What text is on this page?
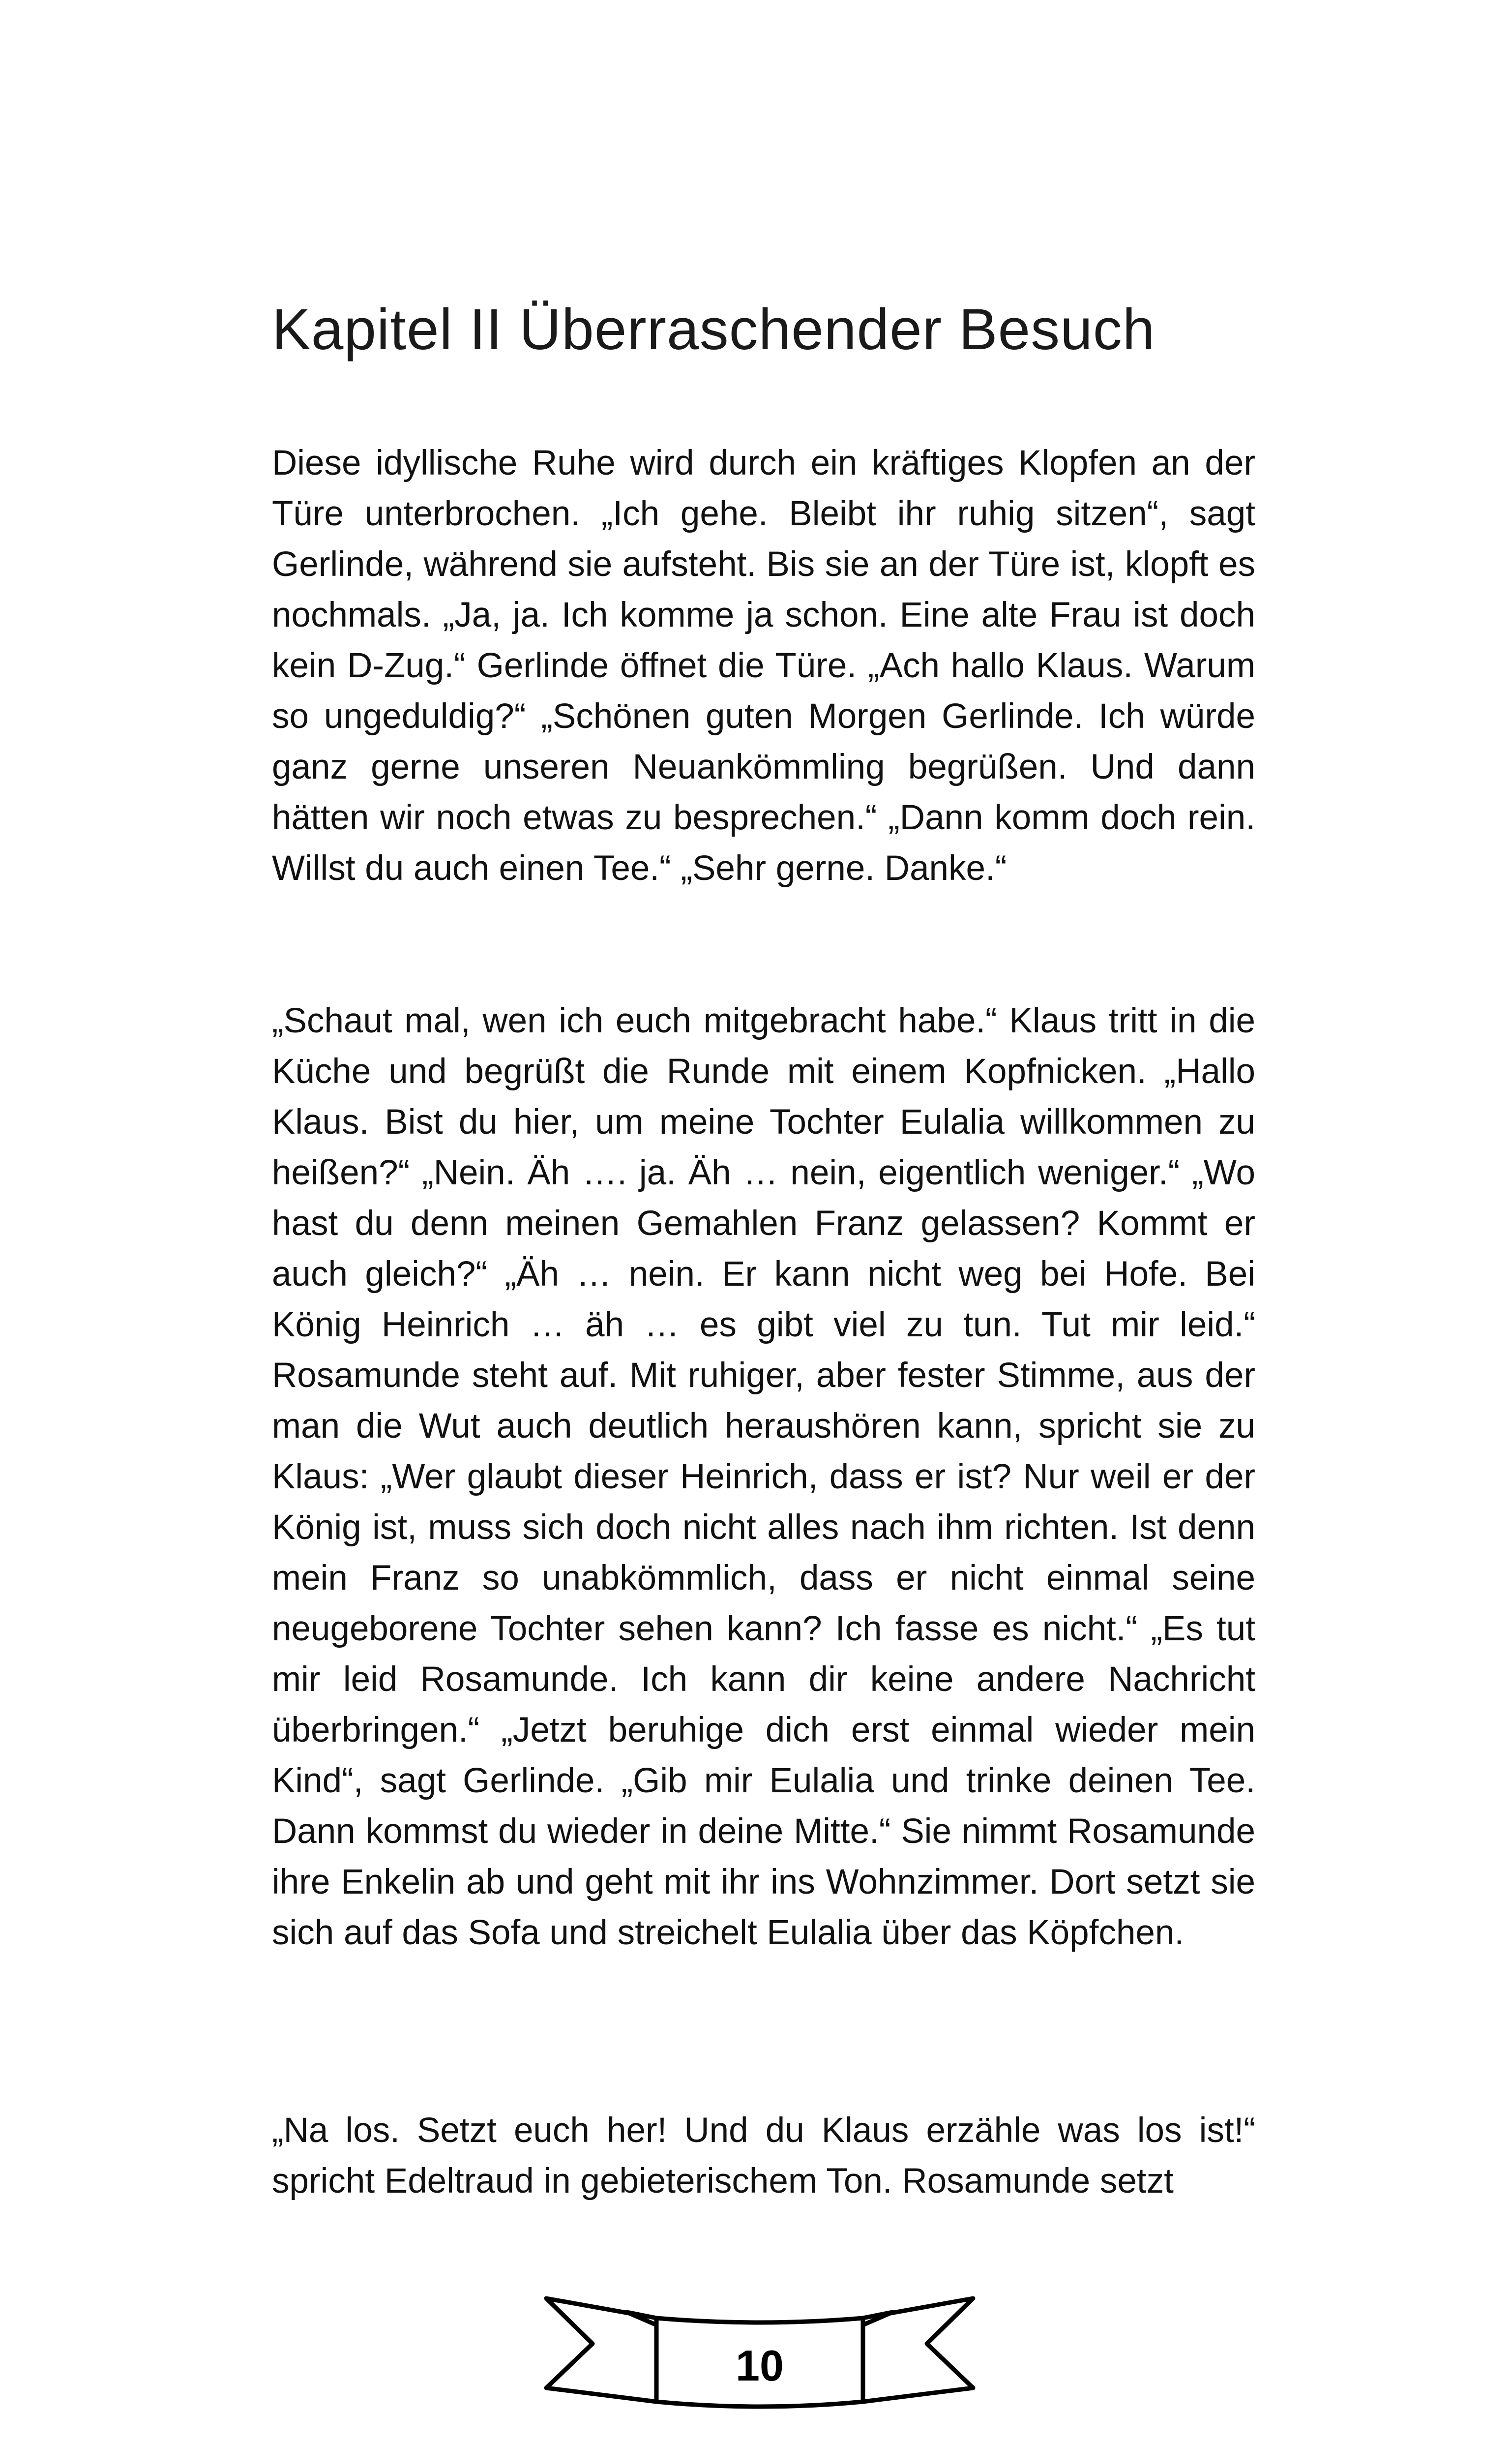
Kapitel II Überraschender Besuch

Diese idyllische Ruhe wird durch ein kräftiges Klopfen an der Türe unterbrochen. „Ich gehe. Bleibt ihr ruhig sitzen“, sagt Gerlinde, während sie aufsteht. Bis sie an der Türe ist, klopft es nochmals. „Ja, ja. Ich komme ja schon. Eine alte Frau ist doch kein D-Zug.“ Gerlinde öffnet die Türe. „Ach hallo Klaus. Warum so ungeduldig?“ „Schönen guten Morgen Gerlinde. Ich würde ganz gerne unseren Neuankömmling begrüßen. Und dann hätten wir noch etwas zu besprechen.“ „Dann komm doch rein. Willst du auch einen Tee.“ „Sehr gerne. Danke.“

„Schaut mal, wen ich euch mitgebracht habe.“ Klaus tritt in die Küche und begrüßt die Runde mit einem Kopfnicken. „Hallo Klaus. Bist du hier, um meine Tochter Eulalia willkommen zu heißen?“ „Nein. Äh …. ja. Äh … nein, eigentlich weniger.“ „Wo hast du denn meinen Gemahlen Franz gelassen? Kommt er auch gleich?“ „Äh … nein. Er kann nicht weg bei Hofe. Bei König Heinrich … äh … es gibt viel zu tun. Tut mir leid.“ Rosamunde steht auf. Mit ruhiger, aber fester Stimme, aus der man die Wut auch deutlich heraushören kann, spricht sie zu Klaus: „Wer glaubt dieser Heinrich, dass er ist? Nur weil er der König ist, muss sich doch nicht alles nach ihm richten. Ist denn mein Franz so unabkömmlich, dass er nicht einmal seine neugeborene Tochter sehen kann? Ich fasse es nicht.“ „Es tut mir leid Rosamunde. Ich kann dir keine andere Nachricht überbringen.“ „Jetzt beruhige dich erst einmal wieder mein Kind“, sagt Gerlinde. „Gib mir Eulalia und trinke deinen Tee. Dann kommst du wieder in deine Mitte.“ Sie nimmt Rosamunde ihre Enkelin ab und geht mit ihr ins Wohnzimmer. Dort setzt sie sich auf das Sofa und streichelt Eulalia über das Köpfchen.

„Na los. Setzt euch her! Und du Klaus erzähle was los ist!“ spricht Edeltraud in gebieterischem Ton. Rosamunde setzt

10
